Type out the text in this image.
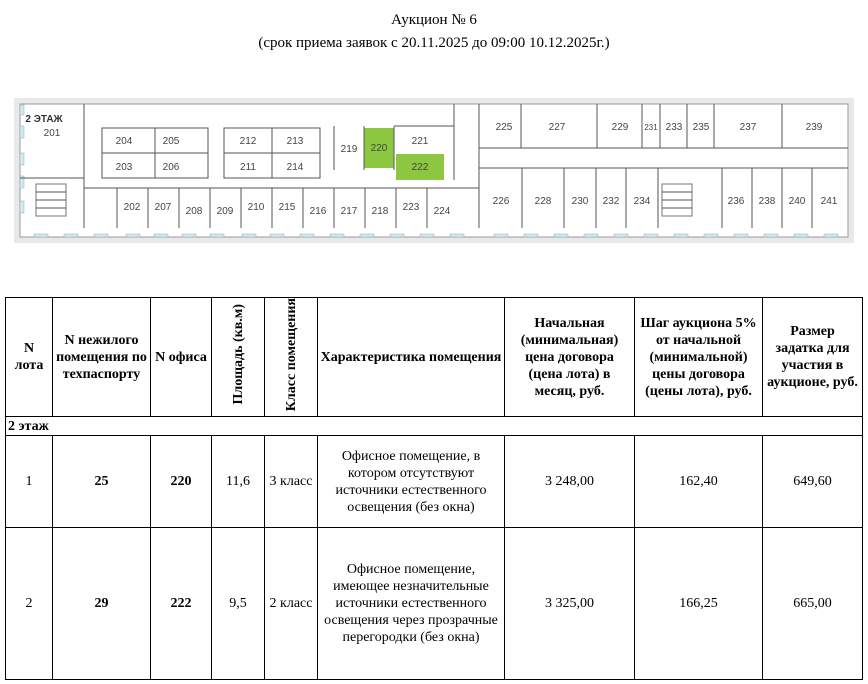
Аукцион № 6
(срок приема заявок с 20.11.2025 до 09:00 10.12.2025г.)
2 ЭТАЖ
201
204	205
203	206
212	213
211	214
219 220
221
222
225	227	229 231 233 235	237	239
202 207 208 209 210 215 216 217 218 223 224
226	228 230 232 234	236 238 240 241
N лота	N нежилого помещения по техпаспорту	N офиса	Площадь (кв.м)	Класс помещения	Характеристика помещения	Начальная (минимальная) цена договора (цена лота) в месяц, руб.	Шаг аукциона 5% от начальной (минимальной) цены договора (цены лота), руб.	Размер задатка для участия в аукционе, руб.
2 этаж								
1	25	220	11,6	3 класс	Офисное помещение, в котором отсутствуют источники естественного освещения (без окна)	3 248,00	162,40	649,60
2	29	222	9,5	2 класс	Офисное помещение, имеющее незначительные источники естественного освещения через прозрачные перегородки (без окна)	3 325,00	166,25	665,00
